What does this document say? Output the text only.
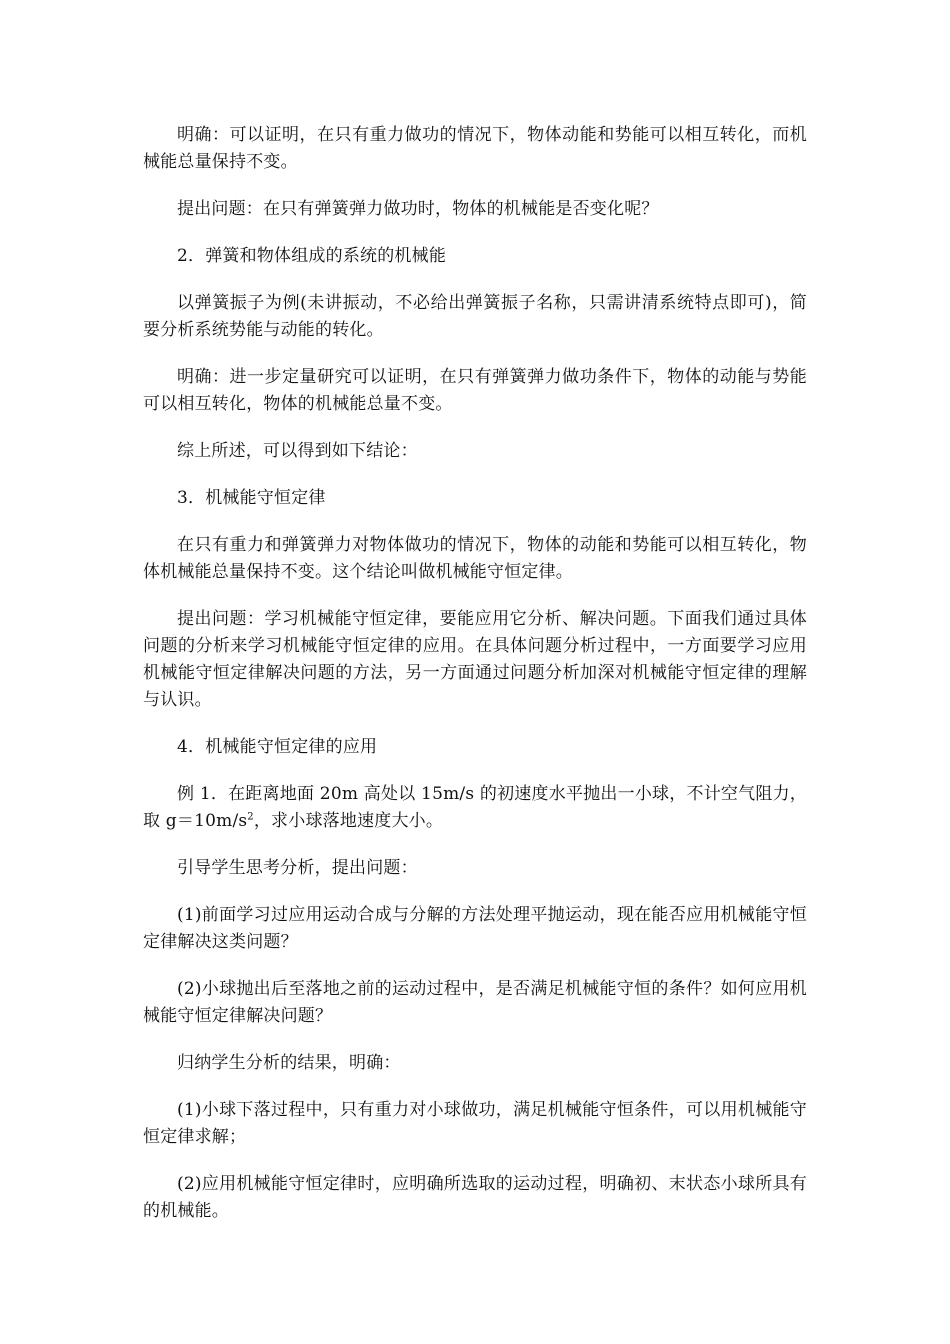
明确：可以证明，在只有重力做功的情况下，物体动能和势能可以相互转化，而机械能总量保持不变。

提出问题：在只有弹簧弹力做功时，物体的机械能是否变化呢？

2．弹簧和物体组成的系统的机械能

以弹簧振子为例(未讲振动，不必给出弹簧振子名称，只需讲清系统特点即可)，简要分析系统势能与动能的转化。

明确：进一步定量研究可以证明，在只有弹簧弹力做功条件下，物体的动能与势能可以相互转化，物体的机械能总量不变。

综上所述，可以得到如下结论：

3．机械能守恒定律

在只有重力和弹簧弹力对物体做功的情况下，物体的动能和势能可以相互转化，物体机械能总量保持不变。这个结论叫做机械能守恒定律。

提出问题：学习机械能守恒定律，要能应用它分析、解决问题。下面我们通过具体问题的分析来学习机械能守恒定律的应用。在具体问题分析过程中，一方面要学习应用机械能守恒定律解决问题的方法，另一方面通过问题分析加深对机械能守恒定律的理解与认识。

4．机械能守恒定律的应用

例 1．在距离地面 20m 高处以 15m/s 的初速度水平抛出一小球，不计空气阻力，取 $g=10m/s^2$，求小球落地速度大小。

引导学生思考分析，提出问题：

(1)前面学习过应用运动合成与分解的方法处理平抛运动，现在能否应用机械能守恒定律解决这类问题？

(2)小球抛出后至落地之前的运动过程中，是否满足机械能守恒的条件？如何应用机械能守恒定律解决问题？

归纳学生分析的结果，明确：

(1)小球下落过程中，只有重力对小球做功，满足机械能守恒条件，可以用机械能守恒定律求解；

(2)应用机械能守恒定律时，应明确所选取的运动过程，明确初、末状态小球所具有的机械能。
